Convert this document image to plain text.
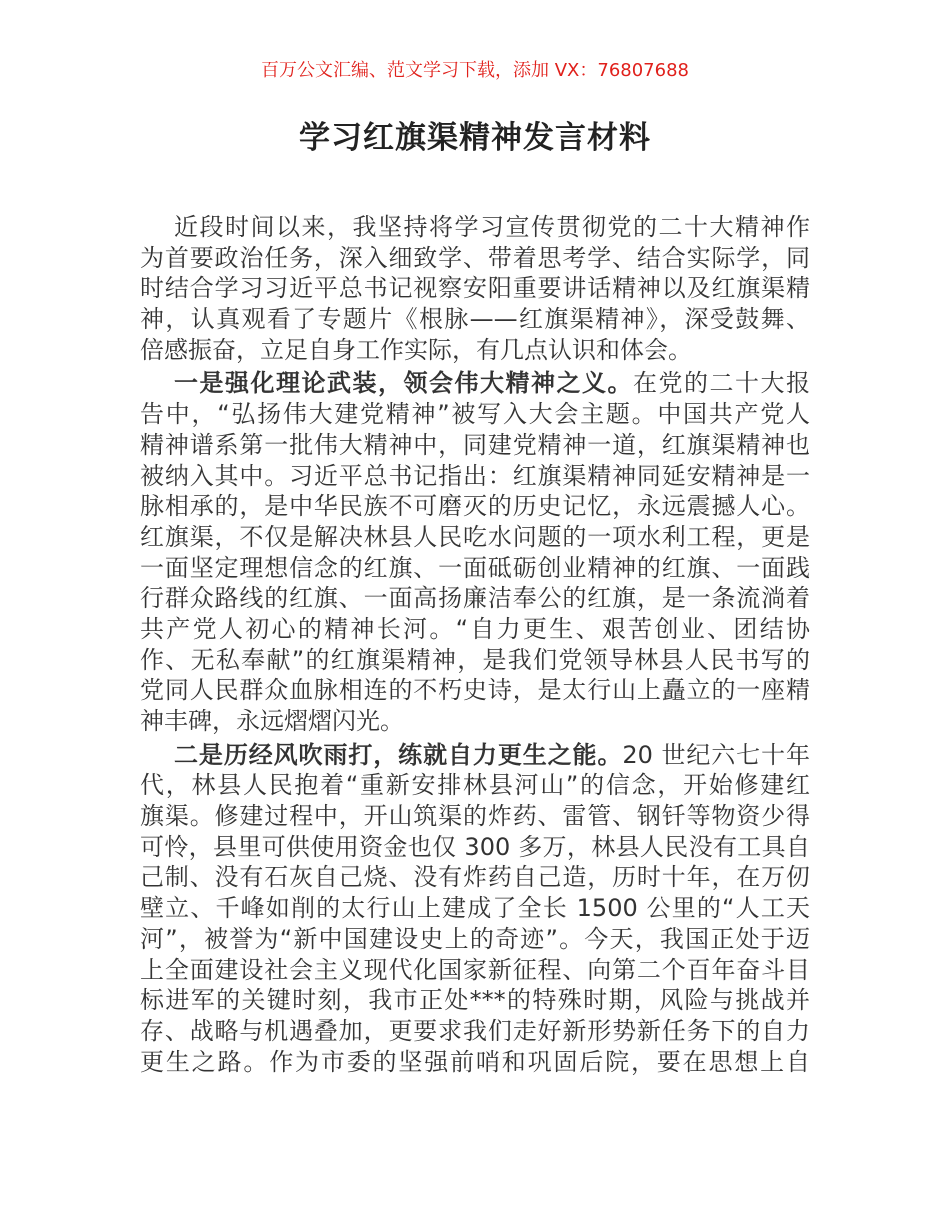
百万公文汇编、范文学习下载，添加 VX：76807688
学习红旗渠精神发言材料
近段时间以来，我坚持将学习宣传贯彻党的二十大精神作
为首要政治任务，深入细致学、带着思考学、结合实际学，同
时结合学习习近平总书记视察安阳重要讲话精神以及红旗渠精
神，认真观看了专题片《根脉——红旗渠精神》，深受鼓舞、
倍感振奋，立足自身工作实际，有几点认识和体会。
一是强化理论武装，领会伟大精神之义。在党的二十大报
告中，“弘扬伟大建党精神”被写入大会主题。中国共产党人
精神谱系第一批伟大精神中，同建党精神一道，红旗渠精神也
被纳入其中。习近平总书记指出：红旗渠精神同延安精神是一
脉相承的，是中华民族不可磨灭的历史记忆，永远震撼人心。
红旗渠，不仅是解决林县人民吃水问题的一项水利工程，更是
一面坚定理想信念的红旗、一面砥砺创业精神的红旗、一面践
行群众路线的红旗、一面高扬廉洁奉公的红旗，是一条流淌着
共产党人初心的精神长河。“自力更生、艰苦创业、团结协
作、无私奉献”的红旗渠精神，是我们党领导林县人民书写的
党同人民群众血脉相连的不朽史诗，是太行山上矗立的一座精
神丰碑，永远熠熠闪光。
二是历经风吹雨打，练就自力更生之能。20 世纪六七十年
代，林县人民抱着“重新安排林县河山”的信念，开始修建红
旗渠。修建过程中，开山筑渠的炸药、雷管、钢钎等物资少得
可怜，县里可供使用资金也仅 300 多万，林县人民没有工具自
己制、没有石灰自己烧、没有炸药自己造，历时十年，在万仞
壁立、千峰如削的太行山上建成了全长 1500 公里的“人工天
河”，被誉为“新中国建设史上的奇迹”。今天，我国正处于迈
上全面建设社会主义现代化国家新征程、向第二个百年奋斗目
标进军的关键时刻，我市正处***的特殊时期，风险与挑战并
存、战略与机遇叠加，更要求我们走好新形势新任务下的自力
更生之路。作为市委的坚强前哨和巩固后院，要在思想上自
